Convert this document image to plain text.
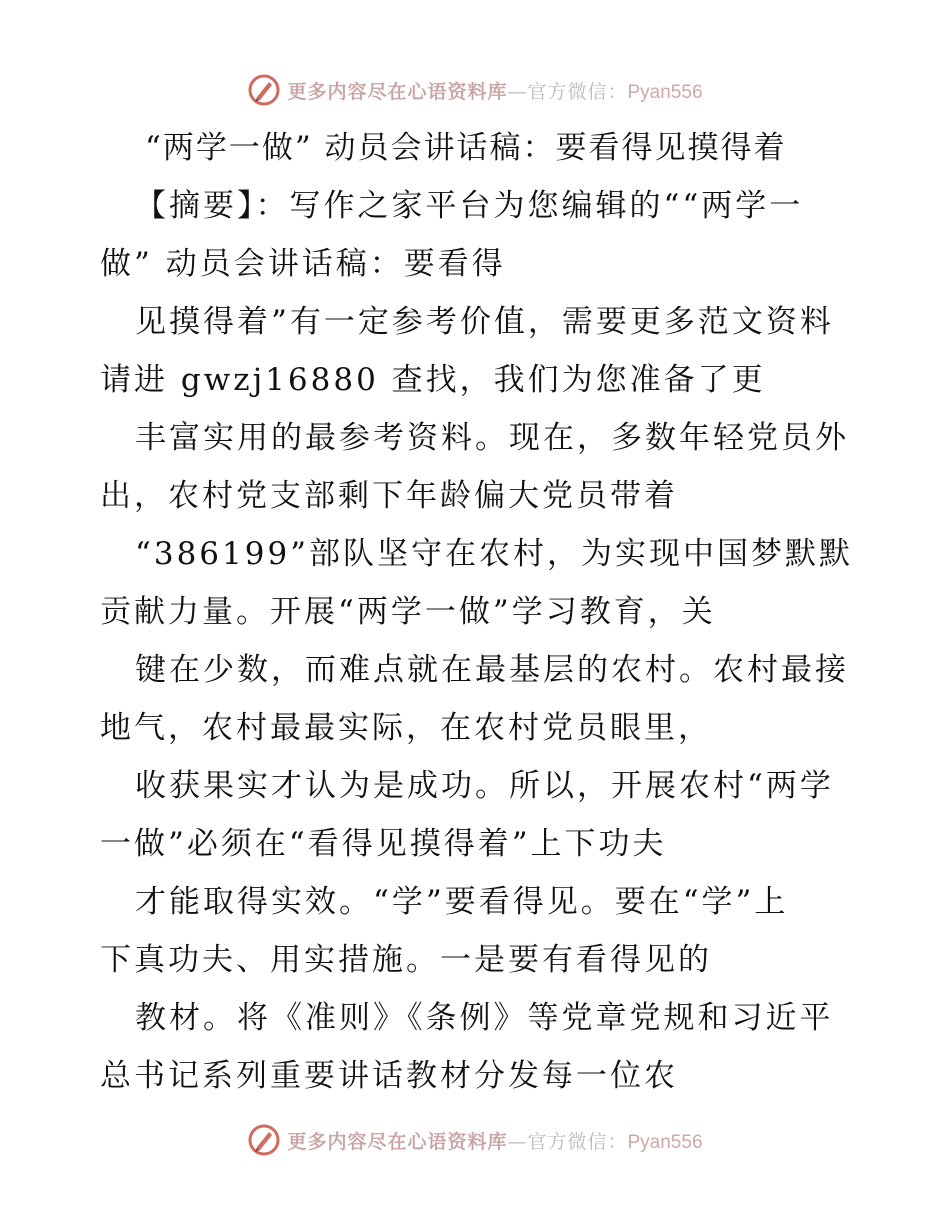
更多内容尽在心语资料库—官方微信：Pyan556
“两学一做” 动员会讲话稿：要看得见摸得着
【摘要】：写作之家平台为您编辑的““两学一
做” 动员会讲话稿：要看得
见摸得着”有一定参考价值，需要更多范文资料
请进 gwzj16880 查找，我们为您准备了更
丰富实用的最参考资料。现在，多数年轻党员外
出，农村党支部剩下年龄偏大党员带着
“386199”部队坚守在农村，为实现中国梦默默
贡献力量。开展“两学一做”学习教育，关
键在少数，而难点就在最基层的农村。农村最接
地气，农村最最实际，在农村党员眼里，
收获果实才认为是成功。所以，开展农村“两学
一做”必须在“看得见摸得着”上下功夫
才能取得实效。“学”要看得见。要在“学”上
下真功夫、用实措施。一是要有看得见的
教材。将《准则》《条例》等党章党规和习近平
总书记系列重要讲话教材分发每一位农
更多内容尽在心语资料库—官方微信：Pyan556
